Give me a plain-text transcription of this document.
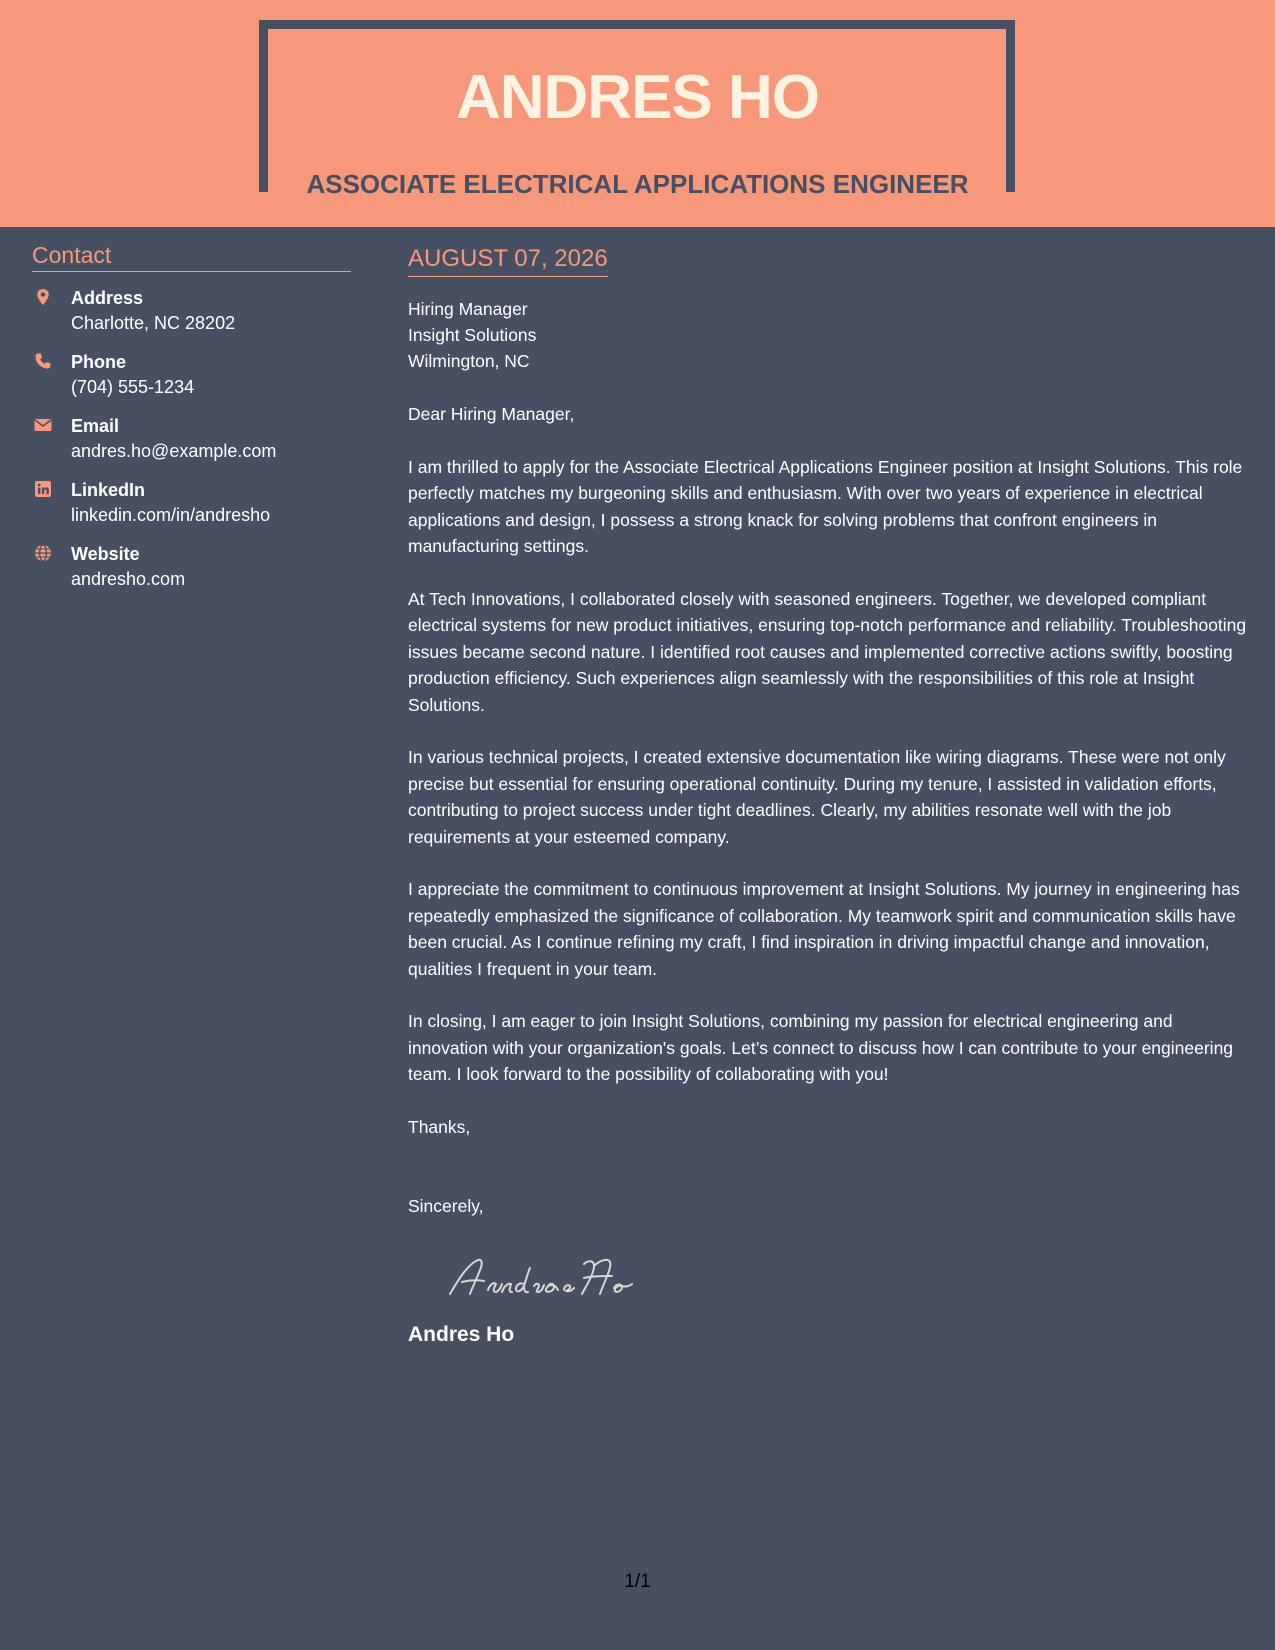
ANDRES HO
ASSOCIATE ELECTRICAL APPLICATIONS ENGINEER
Contact
Address
Charlotte, NC 28202
Phone
(704) 555-1234
Email
andres.ho@example.com
LinkedIn
linkedin.com/in/andresho
Website
andresho.com
AUGUST 07, 2026
Hiring Manager
Insight Solutions
Wilmington, NC
Dear Hiring Manager,
I am thrilled to apply for the Associate Electrical Applications Engineer position at Insight Solutions. This role perfectly matches my burgeoning skills and enthusiasm. With over two years of experience in electrical applications and design, I possess a strong knack for solving problems that confront engineers in manufacturing settings.
At Tech Innovations, I collaborated closely with seasoned engineers. Together, we developed compliant electrical systems for new product initiatives, ensuring top-notch performance and reliability. Troubleshooting issues became second nature. I identified root causes and implemented corrective actions swiftly, boosting production efficiency. Such experiences align seamlessly with the responsibilities of this role at Insight Solutions.
In various technical projects, I created extensive documentation like wiring diagrams. These were not only precise but essential for ensuring operational continuity. During my tenure, I assisted in validation efforts, contributing to project success under tight deadlines. Clearly, my abilities resonate well with the job requirements at your esteemed company.
I appreciate the commitment to continuous improvement at Insight Solutions. My journey in engineering has repeatedly emphasized the significance of collaboration. My teamwork spirit and communication skills have been crucial. As I continue refining my craft, I find inspiration in driving impactful change and innovation, qualities I frequent in your team.
In closing, I am eager to join Insight Solutions, combining my passion for electrical engineering and innovation with your organization's goals. Let’s connect to discuss how I can contribute to your engineering team. I look forward to the possibility of collaborating with you!
Thanks,
Sincerely,
Andres Ho
1/1
